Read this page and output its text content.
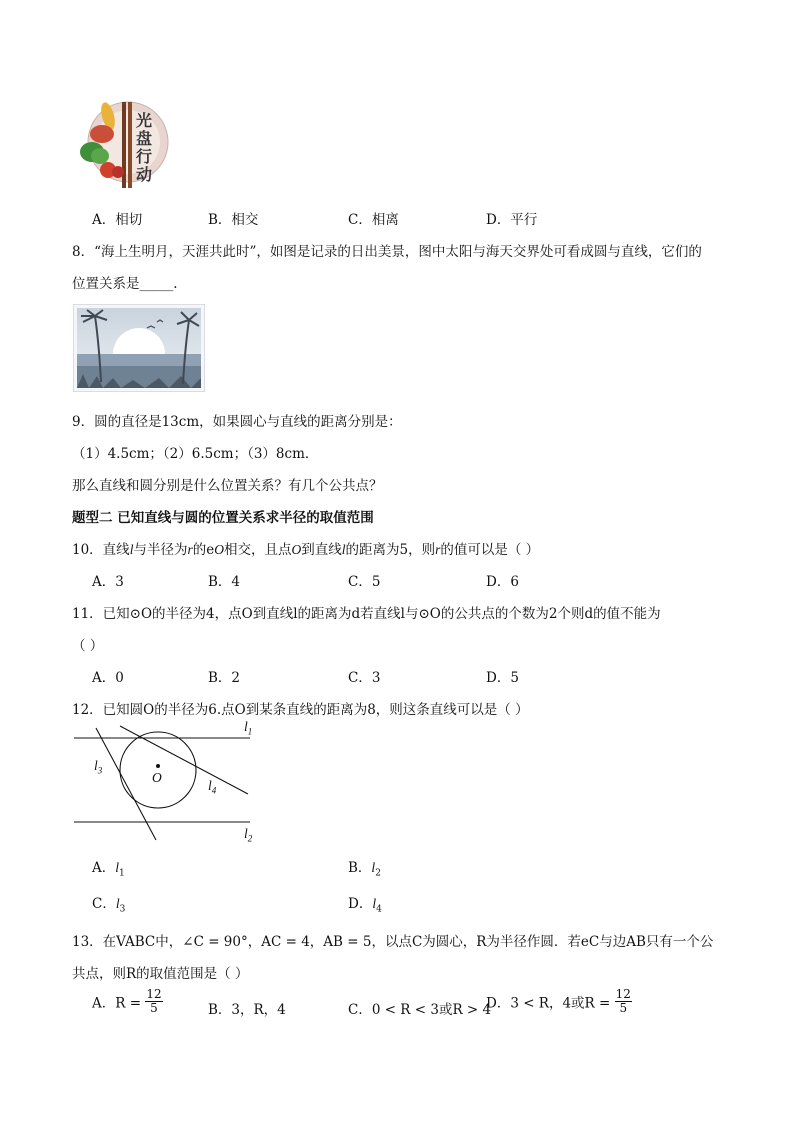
光盘行动
A．相切	B．相交	C．相离	D．平行
8．“海上生明月，天涯共此时”，如图是记录的日出美景，图中太阳与海天交界处可看成圆与直线，它们的
位置关系是_____.
9．圆的直径是13cm，如果圆心与直线的距离分别是：
（1）4.5cm；（2）6.5cm；（3）8cm．
那么直线和圆分别是什么位置关系？有几个公共点？
题型二 已知直线与圆的位置关系求半径的取值范围
10．直线l与半径为r的eO相交，且点O到直线l的距离为5，则r的值可以是（ ）
A．3	B．4	C．5	D．6
11．已知⊙O的半径为4，点O到直线l的距离为d若直线l与⊙O的公共点的个数为2个则d的值不能为
（ ）
A．0	B．2	C．3	D．5
12．已知圆O的半径为6.点O到某条直线的距离为8，则这条直线可以是（ ）
$l_1$
$l_2$
$l_3$
$l_4$
O
A．$l_1$	B．$l_2$
C．$l_3$	D．$l_4$
13．在VABC中，∠C = 90°，AC = 4，AB = 5，以点C为圆心，R为半径作圆．若eC与边AB只有一个公
共点，则R的取值范围是（ ）
A．$R = \frac{12}{5}$	B．3，R，4	C．0 < R < 3或R > 4
D．3 < R，4或$R = \frac{12}{5}$
